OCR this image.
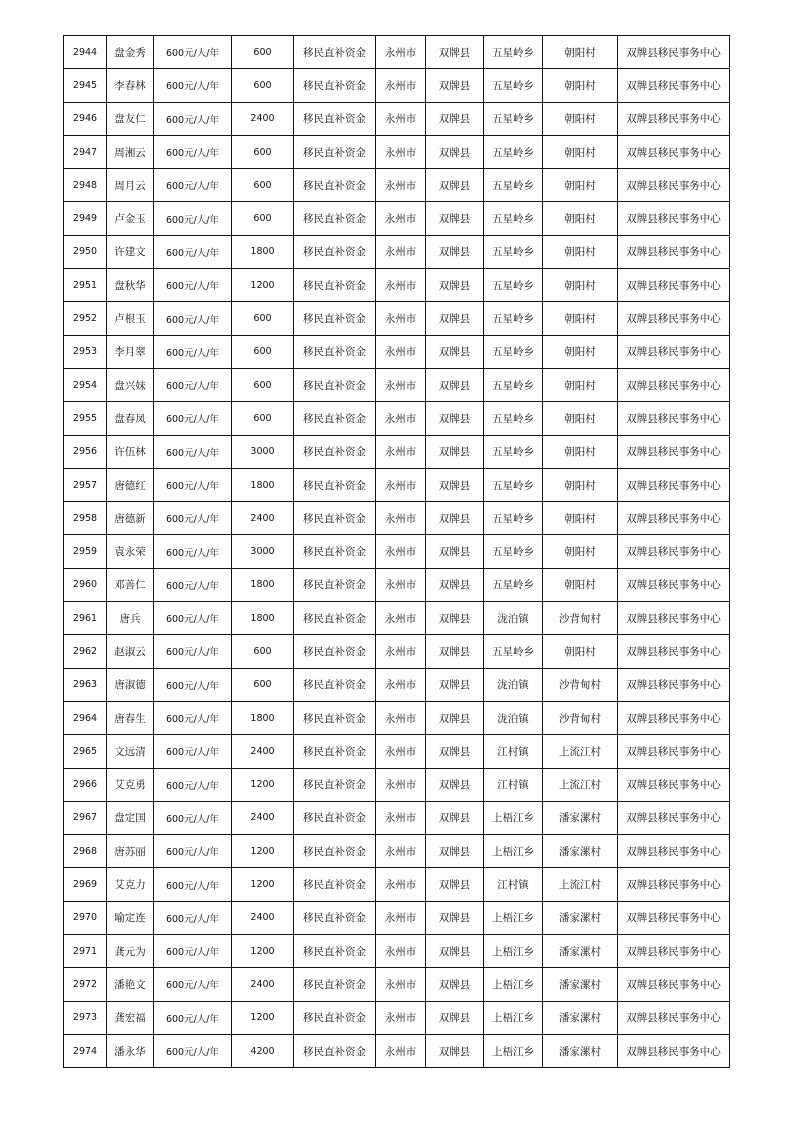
2944	盘金秀	600元/人/年	600	移民直补资金	永州市	双牌县	五星岭乡	朝阳村	双牌县移民事务中心
2945	李春林	600元/人/年	600	移民直补资金	永州市	双牌县	五星岭乡	朝阳村	双牌县移民事务中心
2946	盘友仁	600元/人/年	2400	移民直补资金	永州市	双牌县	五星岭乡	朝阳村	双牌县移民事务中心
2947	周湘云	600元/人/年	600	移民直补资金	永州市	双牌县	五星岭乡	朝阳村	双牌县移民事务中心
2948	周月云	600元/人/年	600	移民直补资金	永州市	双牌县	五星岭乡	朝阳村	双牌县移民事务中心
2949	卢金玉	600元/人/年	600	移民直补资金	永州市	双牌县	五星岭乡	朝阳村	双牌县移民事务中心
2950	许建文	600元/人/年	1800	移民直补资金	永州市	双牌县	五星岭乡	朝阳村	双牌县移民事务中心
2951	盘秋华	600元/人/年	1200	移民直补资金	永州市	双牌县	五星岭乡	朝阳村	双牌县移民事务中心
2952	卢根玉	600元/人/年	600	移民直补资金	永州市	双牌县	五星岭乡	朝阳村	双牌县移民事务中心
2953	李月翠	600元/人/年	600	移民直补资金	永州市	双牌县	五星岭乡	朝阳村	双牌县移民事务中心
2954	盘兴妹	600元/人/年	600	移民直补资金	永州市	双牌县	五星岭乡	朝阳村	双牌县移民事务中心
2955	盘春凤	600元/人/年	600	移民直补资金	永州市	双牌县	五星岭乡	朝阳村	双牌县移民事务中心
2956	许伍林	600元/人/年	3000	移民直补资金	永州市	双牌县	五星岭乡	朝阳村	双牌县移民事务中心
2957	唐德红	600元/人/年	1800	移民直补资金	永州市	双牌县	五星岭乡	朝阳村	双牌县移民事务中心
2958	唐德新	600元/人/年	2400	移民直补资金	永州市	双牌县	五星岭乡	朝阳村	双牌县移民事务中心
2959	袁永荣	600元/人/年	3000	移民直补资金	永州市	双牌县	五星岭乡	朝阳村	双牌县移民事务中心
2960	邓善仁	600元/人/年	1800	移民直补资金	永州市	双牌县	五星岭乡	朝阳村	双牌县移民事务中心
2961	唐兵	600元/人/年	1800	移民直补资金	永州市	双牌县	泷泊镇	沙背甸村	双牌县移民事务中心
2962	赵淑云	600元/人/年	600	移民直补资金	永州市	双牌县	五星岭乡	朝阳村	双牌县移民事务中心
2963	唐淑德	600元/人/年	600	移民直补资金	永州市	双牌县	泷泊镇	沙背甸村	双牌县移民事务中心
2964	唐春生	600元/人/年	1800	移民直补资金	永州市	双牌县	泷泊镇	沙背甸村	双牌县移民事务中心
2965	文远清	600元/人/年	2400	移民直补资金	永州市	双牌县	江村镇	上流江村	双牌县移民事务中心
2966	艾克勇	600元/人/年	1200	移民直补资金	永州市	双牌县	江村镇	上流江村	双牌县移民事务中心
2967	盘定国	600元/人/年	2400	移民直补资金	永州市	双牌县	上梧江乡	潘家漯村	双牌县移民事务中心
2968	唐苏丽	600元/人/年	1200	移民直补资金	永州市	双牌县	上梧江乡	潘家漯村	双牌县移民事务中心
2969	艾克力	600元/人/年	1200	移民直补资金	永州市	双牌县	江村镇	上流江村	双牌县移民事务中心
2970	喻定连	600元/人/年	2400	移民直补资金	永州市	双牌县	上梧江乡	潘家漯村	双牌县移民事务中心
2971	龚元为	600元/人/年	1200	移民直补资金	永州市	双牌县	上梧江乡	潘家漯村	双牌县移民事务中心
2972	潘艳文	600元/人/年	2400	移民直补资金	永州市	双牌县	上梧江乡	潘家漯村	双牌县移民事务中心
2973	龚宏福	600元/人/年	1200	移民直补资金	永州市	双牌县	上梧江乡	潘家漯村	双牌县移民事务中心
2974	潘永华	600元/人/年	4200	移民直补资金	永州市	双牌县	上梧江乡	潘家漯村	双牌县移民事务中心
